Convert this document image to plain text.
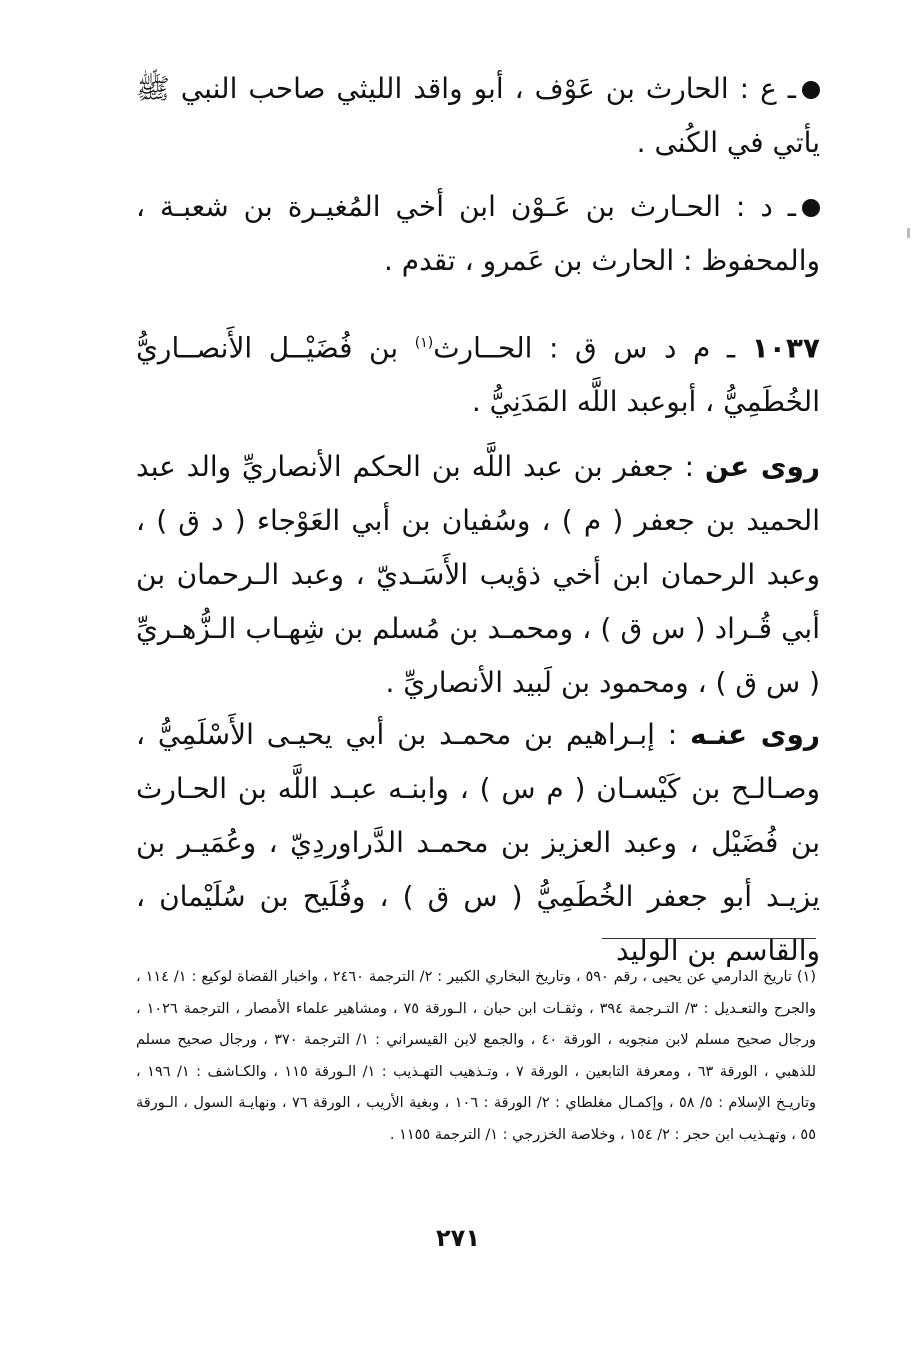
ـ ع : الحارث بن عَوْف ، أبو واقد الليثي صاحب النبي ﷺ يأتي في الكُنى .
ـ د : الحـارث بن عَـوْن ابن أخي المُغيـرة بن شعبـة ، والمحفوظ : الحارث بن عَمرو ، تقدم .
١٠٣٧ ـ م د س ق : الحــارث$^{(١)}$ بن فُضَيْــل الأَنصــاريُّ الخُطَمِيُّ ، أبوعبد اللَّه المَدَنِيُّ .
روى عن : جعفر بن عبد اللَّه بن الحكم الأنصاريِّ والد عبد الحميد بن جعفر ( م ) ، وسُفيان بن أبي العَوْجاء ( د ق ) ، وعبد الرحمان ابن أخي ذؤيب الأَسَـديّ ، وعبد الـرحمان بن أبي قُـراد ( س ق ) ، ومحمـد بن مُسلم بن شِهـاب الـزُّهـريِّ ( س ق ) ، ومحمود بن لَبيد الأنصاريِّ .
روى عنـه : إبـراهيم بن محمـد بن أبي يحيـى الأَسْلَمِيُّ ، وصـالـح بن كَيْسـان ( م س ) ، وابنـه عبـد اللَّه بن الحـارث بن فُضَيْل ، وعبد العزيز بن محمـد الدَّراوردِيّ ، وعُمَيـر بن يزيـد أبو جعفر الخُطَمِيُّ ( س ق ) ، وفُلَيح بن سُلَيْمان ، والقاسم بن الوليد
(١) تاريخ الدارمي عن يحيى ، رقم ٥٩٠ ، وتاريخ البخاري الكبير : ٢/ الترجمة ٢٤٦٠ ، واخبار القضاة لوكيع : ١/ ١١٤ ، والجرح والتعـديل : ٣/ التـرجمة ٣٩٤ ، وثقـات ابن حبان ، الـورقة ٧٥ ، ومشاهير علماء الأمصار ، الترجمة ١٠٢٦ ، ورجال صحيح مسلم لابن منجويه ، الورقة ٤٠ ، والجمع لابن القيسراني : ١/ الترجمة ٣٧٠ ، ورجال صحيح مسلم للذهبي ، الورقة ٦٣ ، ومعرفة التابعين ، الورقة ٧ ، وتـذهيب التهـذيب : ١/ الـورقة ١١٥ ، والكـاشف : ١/ ١٩٦ ، وتاريـخ الإسلام : ٥/ ٥٨ ، وإكمـال مغلطاي : ٢/ الورقة : ١٠٦ ، وبغية الأريب ، الورقة ٧٦ ، ونهايـة السول ، الـورقة ٥٥ ، وتهـذيب ابن حجر : ٢/ ١٥٤ ، وخلاصة الخزرجي : ١/ الترجمة ١١٥٥ .
٢٧١
